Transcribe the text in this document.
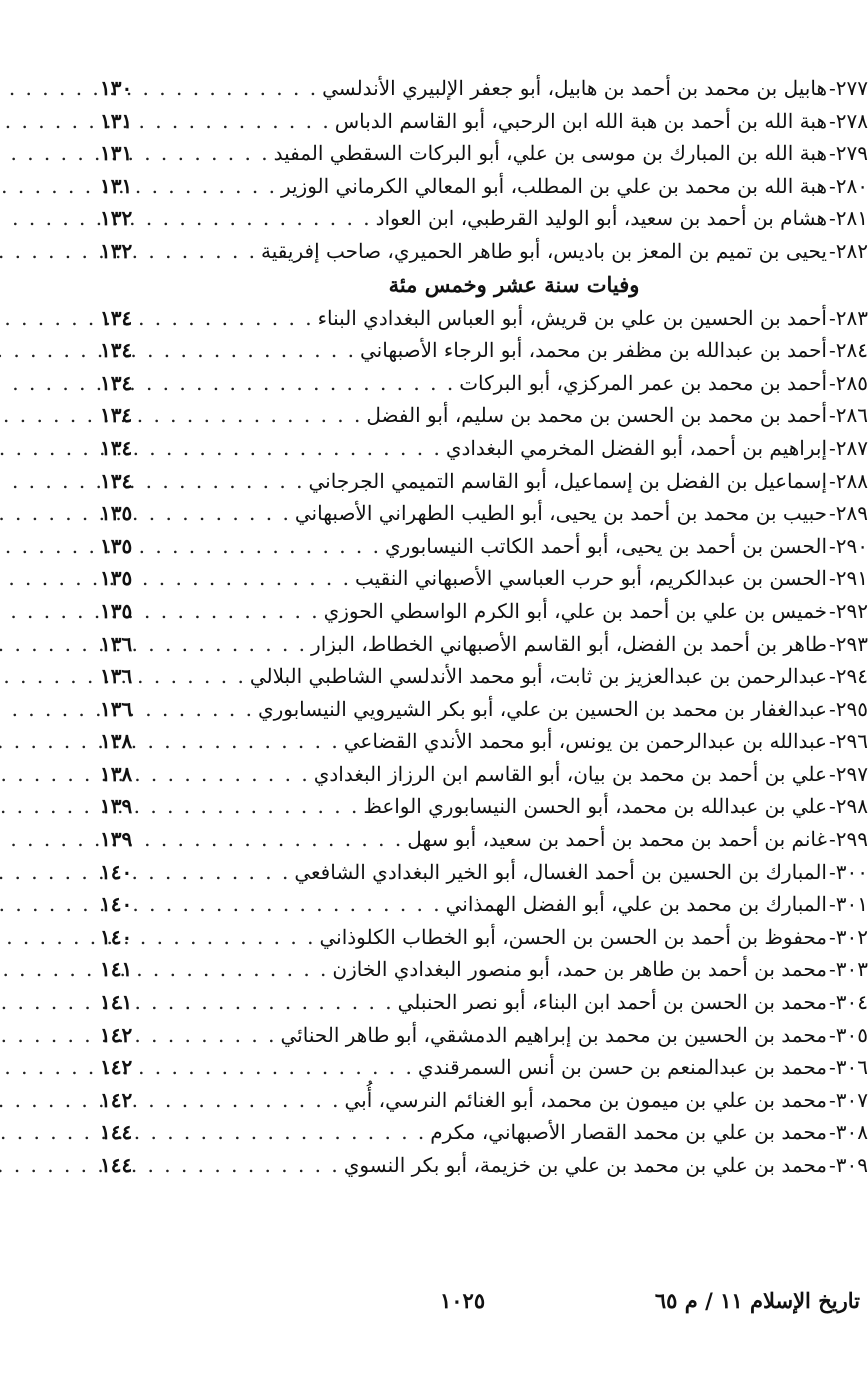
٢٧٧-
هابيل بن محمد بن أحمد بن هابيل، أبو جعفر الإلبيري الأندلسي
. . .
١٣٠
٢٧٨-
هبة الله بن أحمد بن هبة الله ابن الرحبي، أبو القاسم الدباس
. . .
١٣١
٢٧٩-
هبة الله بن المبارك بن موسى بن علي، أبو البركات السقطي المفيد
. . .
١٣١
٢٨٠-
هبة الله بن محمد بن علي بن المطلب، أبو المعالي الكرماني الوزير
. . .
١٣١
٢٨١-
هشام بن أحمد بن سعيد، أبو الوليد القرطبي، ابن العواد
. . .
١٣٢
٢٨٢-
يحيى بن تميم بن المعز بن باديس، أبو طاهر الحميري، صاحب إفريقية
. . .
١٣٢
وفيات سنة عشر وخمس مئة
٢٨٣-
أحمد بن الحسين بن علي بن قريش، أبو العباس البغدادي البناء
. . .
١٣٤
٢٨٤-
أحمد بن عبدالله بن مظفر بن محمد، أبو الرجاء الأصبهاني
. . .
١٣٤
٢٨٥-
أحمد بن محمد بن عمر المركزي، أبو البركات
. . .
١٣٤
٢٨٦-
أحمد بن محمد بن الحسن بن محمد بن سليم، أبو الفضل
. . .
١٣٤
٢٨٧-
إبراهيم بن أحمد، أبو الفضل المخرمي البغدادي
. . .
١٣٤
٢٨٨-
إسماعيل بن الفضل بن إسماعيل، أبو القاسم التميمي الجرجاني
. . .
١٣٤
٢٨٩-
حبيب بن محمد بن أحمد بن يحيى، أبو الطيب الطهراني الأصبهاني
. . .
١٣٥
٢٩٠-
الحسن بن أحمد بن يحيى، أبو أحمد الكاتب النيسابوري
. . .
١٣٥
٢٩١-
الحسن بن عبدالكريم، أبو حرب العباسي الأصبهاني النقيب
. . .
١٣٥
٢٩٢-
خميس بن علي بن أحمد بن علي، أبو الكرم الواسطي الحوزي
. . .
١٣٥
٢٩٣-
طاهر بن أحمد بن الفضل، أبو القاسم الأصبهاني الخطاط، البزار
. . .
١٣٦
٢٩٤-
عبدالرحمن بن عبدالعزيز بن ثابت، أبو محمد الأندلسي الشاطبي البلالي
. . .
١٣٦
٢٩٥-
عبدالغفار بن محمد بن الحسين بن علي، أبو بكر الشيرويي النيسابوري
. . .
١٣٦
٢٩٦-
عبدالله بن عبدالرحمن بن يونس، أبو محمد الأندي القضاعي
. . .
١٣٨
٢٩٧-
علي بن أحمد بن محمد بن بيان، أبو القاسم ابن الرزاز البغدادي
. . .
١٣٨
٢٩٨-
علي بن عبدالله بن محمد، أبو الحسن النيسابوري الواعظ
. . .
١٣٩
٢٩٩-
غانم بن أحمد بن محمد بن أحمد بن سعيد، أبو سهل
. . .
١٣٩
٣٠٠-
المبارك بن الحسين بن أحمد الغسال، أبو الخير البغدادي الشافعي
. . .
١٤٠
٣٠١-
المبارك بن محمد بن علي، أبو الفضل الهمذاني
. . .
١٤٠
٣٠٢-
محفوظ بن أحمد بن الحسن بن الحسن، أبو الخطاب الكلوذاني
. . .
١٤٠
٣٠٣-
محمد بن أحمد بن طاهر بن حمد، أبو منصور البغدادي الخازن
. . .
١٤١
٣٠٤-
محمد بن الحسن بن أحمد ابن البناء، أبو نصر الحنبلي
. . .
١٤١
٣٠٥-
محمد بن الحسين بن محمد بن إبراهيم الدمشقي، أبو طاهر الحنائي
. . .
١٤٢
٣٠٦-
محمد بن عبدالمنعم بن حسن بن أنس السمرقندي
. . .
١٤٢
٣٠٧-
محمد بن علي بن ميمون بن محمد، أبو الغنائم النرسي، أُبي
. . .
١٤٢
٣٠٨-
محمد بن علي بن محمد القصار الأصبهاني، مكرم
. . .
١٤٤
٣٠٩-
محمد بن علي بن محمد بن علي بن خزيمة، أبو بكر النسوي
. . .
١٤٤
تاريخ الإسلام ١١ / م ٦٥
١٠٢٥
